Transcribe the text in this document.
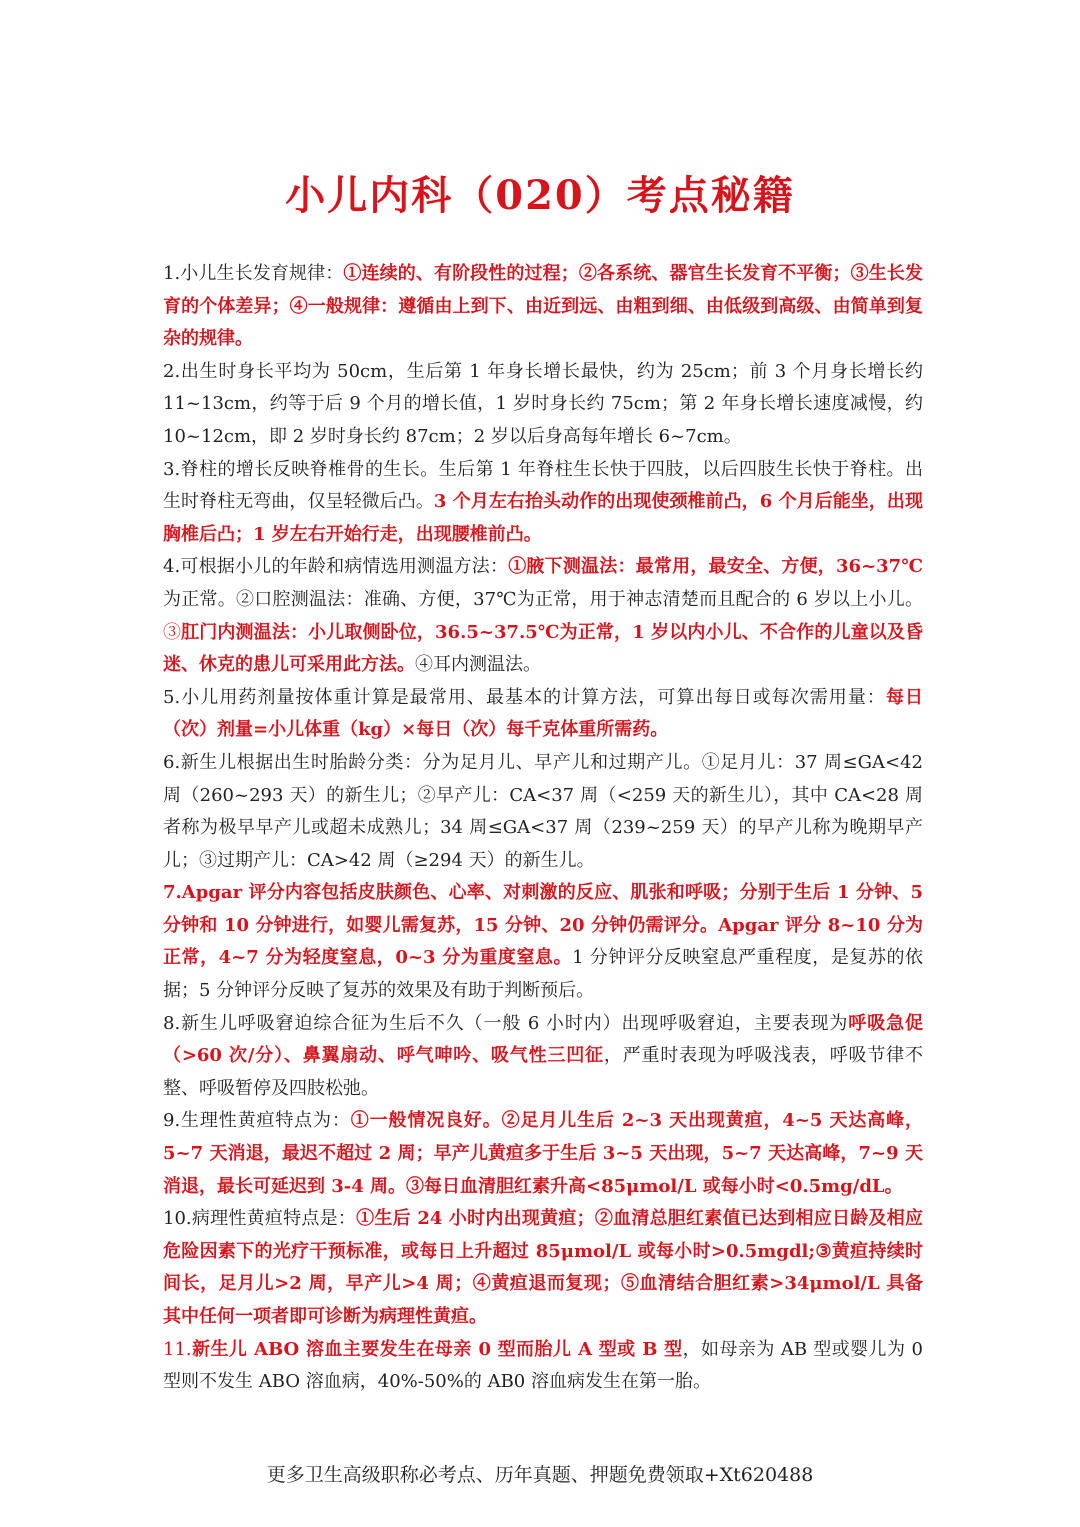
小儿内科（020）考点秘籍

1.小儿生长发育规律：①连续的、有阶段性的过程；②各系统、器官生长发育不平衡；③生长发育的个体差异；④一般规律：遵循由上到下、由近到远、由粗到细、由低级到高级、由简单到复杂的规律。

2.出生时身长平均为 50cm，生后第 1 年身长增长最快，约为 25cm；前 3 个月身长增长约 11~13cm，约等于后 9 个月的增长值，1 岁时身长约 75cm；第 2 年身长增长速度减慢，约 10~12cm，即 2 岁时身长约 87cm；2 岁以后身高每年增长 6~7cm。

3.脊柱的增长反映脊椎骨的生长。生后第 1 年脊柱生长快于四肢，以后四肢生长快于脊柱。出生时脊柱无弯曲，仅呈轻微后凸。3 个月左右抬头动作的出现使颈椎前凸，6 个月后能坐，出现胸椎后凸；1 岁左右开始行走，出现腰椎前凸。

4.可根据小儿的年龄和病情选用测温方法：①腋下测温法：最常用，最安全、方便，36~37℃为正常。②口腔测温法：准确、方便，37℃为正常，用于神志清楚而且配合的 6 岁以上小儿。③肛门内测温法：小儿取侧卧位，36.5~37.5℃为正常，1 岁以内小儿、不合作的儿童以及昏迷、休克的患儿可采用此方法。④耳内测温法。

5.小儿用药剂量按体重计算是最常用、最基本的计算方法，可算出每日或每次需用量：每日（次）剂量=小儿体重（kg）×每日（次）每千克体重所需药。

6.新生儿根据出生时胎龄分类：分为足月儿、早产儿和过期产儿。①足月儿：37 周≤GA<42 周（260~293 天）的新生儿；②早产儿：CA<37 周（<259 天的新生儿），其中 CA<28 周者称为极早早产儿或超未成熟儿；34 周≤GA<37 周（239~259 天）的早产儿称为晚期早产儿；③过期产儿：CA>42 周（≥294 天）的新生儿。

7.Apgar 评分内容包括皮肤颜色、心率、对刺激的反应、肌张和呼吸；分别于生后 1 分钟、5 分钟和 10 分钟进行，如婴儿需复苏，15 分钟、20 分钟仍需评分。Apgar 评分 8~10 分为正常，4~7 分为轻度窒息，0~3 分为重度窒息。1 分钟评分反映窒息严重程度，是复苏的依据；5 分钟评分反映了复苏的效果及有助于判断预后。

8.新生儿呼吸窘迫综合征为生后不久（一般 6 小时内）出现呼吸窘迫，主要表现为呼吸急促（>60 次/分）、鼻翼扇动、呼气呻吟、吸气性三凹征，严重时表现为呼吸浅表，呼吸节律不整、呼吸暂停及四肢松弛。

9.生理性黄疸特点为：①一般情况良好。②足月儿生后 2~3 天出现黄疸，4~5 天达高峰，5~7 天消退，最迟不超过 2 周；早产儿黄疸多于生后 3~5 天出现，5~7 天达高峰，7~9 天消退，最长可延迟到 3-4 周。③每日血清胆红素升高<85μmol/L 或每小时<0.5mg/dL。

10.病理性黄疸特点是：①生后 24 小时内出现黄疸；②血清总胆红素值已达到相应日龄及相应危险因素下的光疗干预标准，或每日上升超过 85μmol/L 或每小时>0.5mgdl;③黄疸持续时间长，足月儿>2 周，早产儿>4 周；④黄疸退而复现；⑤血清结合胆红素>34μmol/L 具备其中任何一项者即可诊断为病理性黄疸。

11.新生儿 ABO 溶血主要发生在母亲 0 型而胎儿 A 型或 B 型，如母亲为 AB 型或婴儿为 0 型则不发生 ABO 溶血病，40%-50%的 AB0 溶血病发生在第一胎。

更多卫生高级职称必考点、历年真题、押题免费领取+Xt620488
